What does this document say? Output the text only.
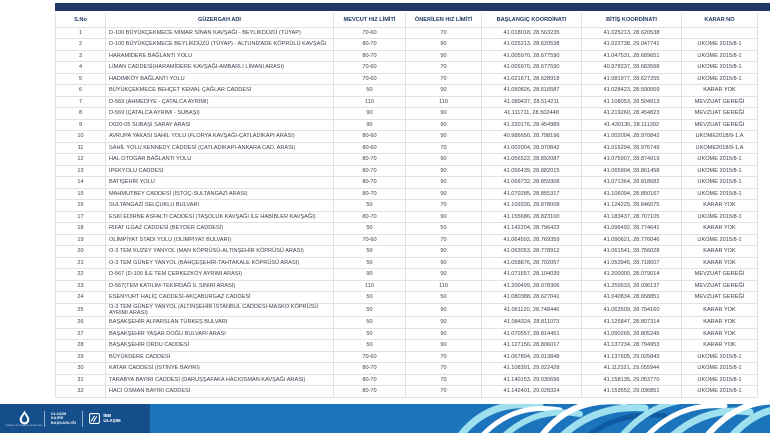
S.No	GÜZERGAH ADI	MEVCUT HIZ LİMİTİ	ÖNERİLEN HIZ LİMİTİ	BAŞLANGIÇ KOORDİNATI	BİTİŞ KOORDİNATI	KARAR NO
1	D-100 BÜYÜKÇEKMECE MİMAR SİNAN KAVŞAĞI - BEYLİKDÜZÜ (TÜYAP)	70-60	70	41.018018, 28.563235	41.025213, 28.620538	
2	D-100 BÜYÜKÇEKMECE BEYLİKDÜZÜ (TÜYAP) - ALTUNİZADE KÖPRÜLÜ KAVŞAĞI	80-70	90	41.025213, 28.620538	41.022738, 29.047741	UKOME 2015/8-1
3	HARAMİDERE BAĞLANTI YOLU	80-70	90	41.005970, 28.677590	41.047531, 28.689651	UKOME 2015/8-1
4	LİMAN CADDESİ(HARAMİDERE KAVŞAĞI-AMBARLI LİMANI ARASI)	70-60	70	41.005970, 28.677590	40.978237, 28.683568	UKOME 2015/8-1
5	HADIMKÖY BAĞLANTI YOLU	70-60	70	41.021671, 28.628918	41.081977, 28.627255	UKOME 2015/8-1
6	BÜYÜKÇEKMECE BEHÇET KEMAL ÇAĞLAR CADDESİ	50	90	41.050826, 28.616587	41.028423, 28.590009	KARAR YOK
7	D-569 (AHMEDİYE - ÇATALCA AYRIMI)	110	110	41.089437, 28.514211	41.108053, 28.504913	MEVZUAT GEREĞİ
8	D-569 (ÇATALCA AYRIMI - SUBAŞI)	90	90	41.111711, 28.502448	41.219260, 28.454823	MEVZUAT GEREĞİ
9	D020-05 SUBAŞI SARAY ARASI	90	90	41.220176, 28.454989	41.430130, 28.111392	MEVZUAT GEREĞİ
10	AVRUPA YAKASI SAHİL YOLU (FLORYA KAVŞAĞI-ÇATLADIKAPI ARASI)	80-60	90	40.986650, 28.798196	41.002004, 28.970842	UKOME2018/9-1.A
11	SAHİL YOLU KENNEDY CADDESİ (ÇATLADIKAPI-ANKARA CAD. ARASI)	80-60	70	41.002004, 28.970842	41.016294, 28.976749	UKOME2018/9-1.A
12	HAL OTOGAR BAĞLANTI YOLU	80-70	90	41.056522, 28.892087	41.075907, 28.874919	UKOME 2015/8-1
13	İPEKYOLU CADDESİ	80-70	90	41.056439, 28.882015	41.065904, 28.861458	UKOME 2015/8-1
14	BATIŞEHİR YOLU	80-70	90	41.068732, 28.859308	41.071364, 28.818682	UKOME 2015/8-1
15	MAHMUTBEY CADDESİ (İSTOÇ-SULTANGAZİ ARASI)	80-70	90	41.070285, 28.855317	41.106094, 28.850167	UKOME 2015/8-1
16	SULTANGAZİ SELÇUKLU BULVARI	50	70	41.109330, 28.878008	41.124225, 28.846075	KARAR YOK
17	ESKİ EDİRNE ASFALTI CADDESİ (TAŞOLUK KAVŞAĞI İLE HABİBLER KAVŞAĞI)	80-70	90	41.155686, 28.823100	41.183437, 28.707105	UKOME 2015/8-1
18	RIFAT ILGAZ CADDESİ (BEYDER CADDESİ)	50	50	41.142204, 28.796423	41.096492, 28.774641	KARAR YOK
19	OLİMPİYAT STADI YOLU (OLİMPİYAT BULVARI)	70-60	70	41.064592, 28.769359	41.090621, 28.776046	UKOME 2015/8-1
20	O-3 TEM KUZEY YANYOL (MAN KÖPRÜSÜ-ALTINŞEHİR KÖPRÜSÜ ARASI)	50	90	41.063053, 28.778912	41.061541, 28.756028	KARAR YOK
21	O-3 TEM GÜNEY YANYOL (BAHÇEŞEHİR-TAHTAKALE KÖPRÜSÜ ARASI)	50	90	41.058876, 28.702057	41.053945, 28.718607	KARAR YOK
22	D-567 (D-100 İLE TEM ÇERKEZKÖY AYRIMI ARASI)	90	90	41.071657, 28.104039	41.200000, 28.079014	MEVZUAT GEREĞİ
23	D-567(TEM KATILIM-TEKİRDAĞ İL SINIRI ARASI)	110	110	41.200499, 28.078306	41.259533, 28.036137	MEVZUAT GEREĞİ
24	ESENYURT HALİÇ CADDESİ-AKÇABURGAZ CADDESİ	50	50	41.080388, 28.627041	41.040834, 28.658851	MEVZUAT GEREĞİ
25	O-3 TEM GÜNEY YANYOL (ALTINŞEHİR İSTANBUL CADDESİ-MASKO KÖPRÜSÜ AYRIMI ARASI)	50	90	41.061120, 28.748446	41.063509, 28.794160	KARAR YOK
26	BAŞAKŞEHİR ALPARSLAN TÜRKEŞ BULVARI	50	90	41.084324, 28.811073	41.125847, 28.807314	KARAR YOK
27	BAŞAKŞEHİR YAŞAR DOĞU BULVARI ARASI	50	90	41.070557, 28.814451	41.090265, 28.805245	KARAR YOK
28	BAŞAKŞEHİR ORDU CADDESİ	50	90	41.127150, 28.806017	41.137234, 28.794953	KARAR YOK
29	BÜYÜKDERE CADDESİ	70-60	70	41.067804, 29.013848	41.137605, 29.025843	UKOME 2015/8-1
30	KATAR CADDESİ (İSTİNYE BAYIRI)	80-70	70	41.108391, 29.022428	41.112321, 29.055944	UKOME 2015/8-1
31	TARABYA BAYIRI CADDESİ (DARUŞŞAFAKA HACIOSMAN KAVŞAĞI ARASI)	80-70	70	41.140153, 29.030696	41.158135, 29.053770	UKOME 2015/8-1
32	HACI OSMAN BAYIRI CADDESİ	80-70	70	41.142401, 29.028324	41.153552, 29.036851	UKOME 2015/8-1
İSTANBUL BÜYÜKŞEHİR BELEDİYESİ
ULAŞIM
DAİRE
BAŞKANLIĞI
İBB
ULAŞIM
